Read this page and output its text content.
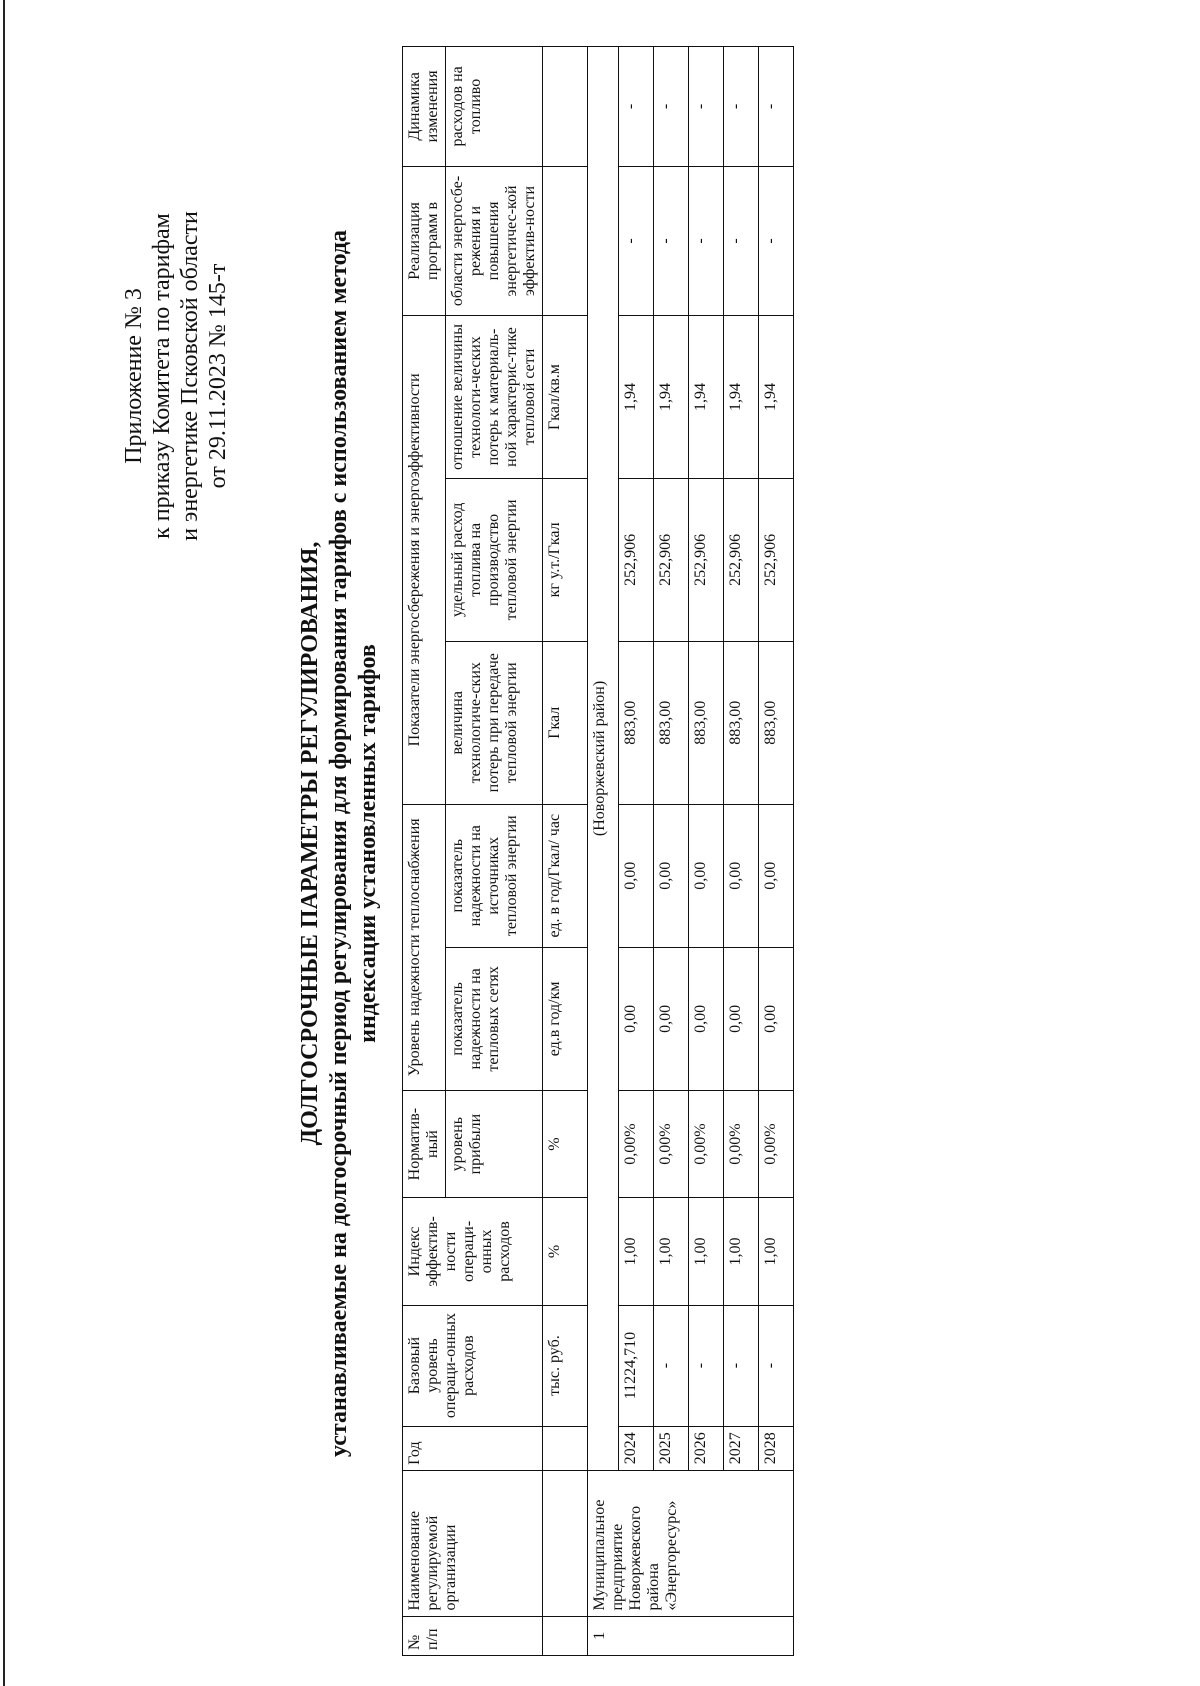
Приложение № 3 к приказу Комитета по тарифам и энергетике Псковской области от 29.11.2023 № 145-т
ДОЛГОСРОЧНЫЕ ПАРАМЕТРЫ РЕГУЛИРОВАНИЯ, устанавливаемые на долгосрочный период регулирования для формирования тарифов с использованием метода индексации установленных тарифов
№ п/п	Наименование регулируемой организации	Год	Базовый уровень операци-онных расходов	Индекс эффектив-ности операци-онных расходов	Норматив-ный	Уровень надежности теплоснабжения		Показатели энергосбережения и энергоэффективности			Реализация программ в	Динамика изменения
					уровень прибыли	показатель надежности на тепловых сетях	показатель надежности на источниках тепловой энергии	величина технологиче-ских потерь при передаче тепловой энергии	удельный расход топлива на производство тепловой энергии	отношение величины технологи-ческих потерь к материаль-ной характерис-тике тепловой сети	области энергосбе-режения и повышения энергетичес-кой эффектив-ности	расходов на топливо
			тыс. руб.	%	%	ед.в год/км	ед. в год/Гкал/ час	Гкал	кг у.т./Гкал	Гкал/кв.м		
1	Муниципальное предприятие Новоржевского района «Энергоресурс»	(Новоржевский район)										
		2024	11224,710	1,00	0,00%	0,00	0,00	883,00	252,906	1,94	-	-
		2025	-	1,00	0,00%	0,00	0,00	883,00	252,906	1,94	-	-
		2026	-	1,00	0,00%	0,00	0,00	883,00	252,906	1,94	-	-
		2027	-	1,00	0,00%	0,00	0,00	883,00	252,906	1,94	-	-
		2028	-	1,00	0,00%	0,00	0,00	883,00	252,906	1,94	-	-
